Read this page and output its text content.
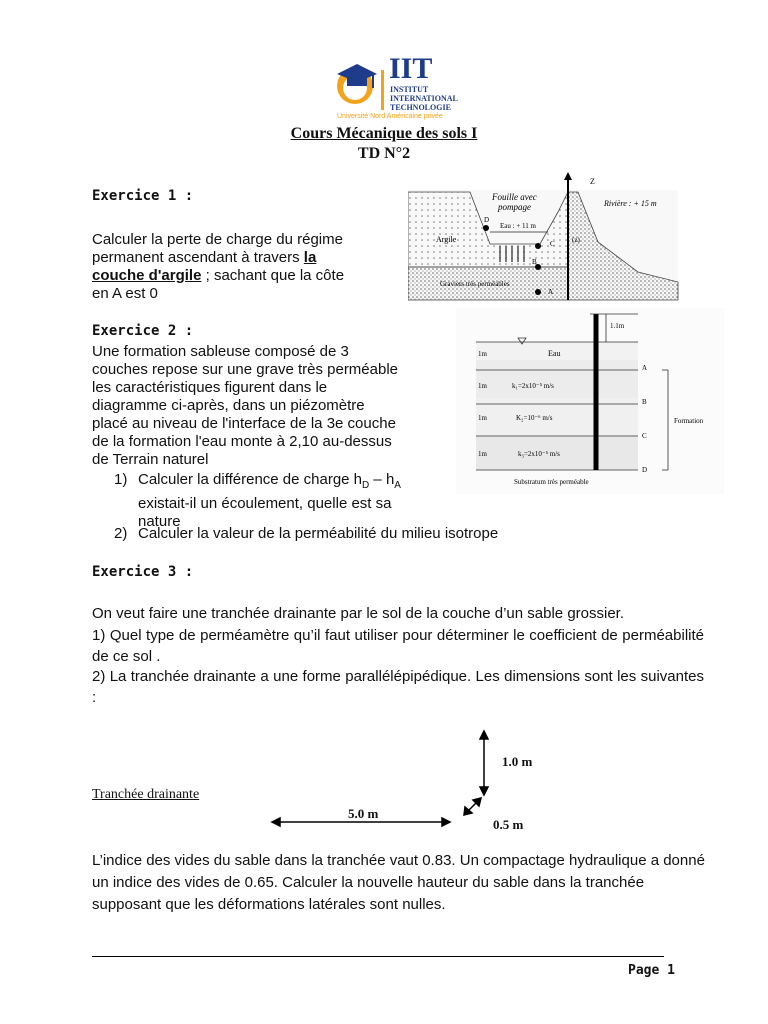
IIT
INSTITUT
INTERNATIONAL
TECHNOLOGIE
Université Nord Américaine privée
Cours Mécanique des sols I
TD N°2
Exercice 1 :
Calculer la perte de charge du régime
permanent ascendant à travers la
couche d'argile ; sachant que la côte
en A est 0
Fouille avec
pompage
Eau : + 11 m
Rivière : + 15 m
Argile
Graviers très perméables
Z
D
C
B
A
(z)
Exercice 2 :
Une formation sableuse composé de 3
couches repose sur une grave très perméable
les caractéristiques figurent dans le
diagramme ci-après, dans un piézomètre
placé au niveau de l'interface de la 3e couche
de la formation l'eau monte à 2,10 au-dessus
de Terrain naturel
1) Calculer la différence de charge $h_D - h_A$
existait-il un écoulement, quelle est sa
nature
2) Calculer la valeur de la perméabilité du milieu isotrope
1.1m
Eau
k₁=2x10⁻⁵ m/s
K₂=10⁻⁶ m/s
k₃=2x10⁻⁵ m/s
1m
1m
1m
1m
A
B
C
D
Formation
Substratum très perméable
Exercice 3 :
On veut faire une tranchée drainante par le sol de la couche d’un sable grossier.
1) Quel type de perméamètre qu’il faut utiliser pour déterminer le coefficient de perméabilité de ce sol .
2) La tranchée drainante a une forme parallélépipédique. Les dimensions sont les suivantes :
Tranchée drainante
5.0 m
1.0 m
0.5 m
L’indice des vides du sable dans la tranchée vaut 0.83. Un compactage hydraulique a donné un indice des vides de 0.65. Calculer la nouvelle hauteur du sable dans la tranchée supposant que les déformations latérales sont nulles.
Page 1
